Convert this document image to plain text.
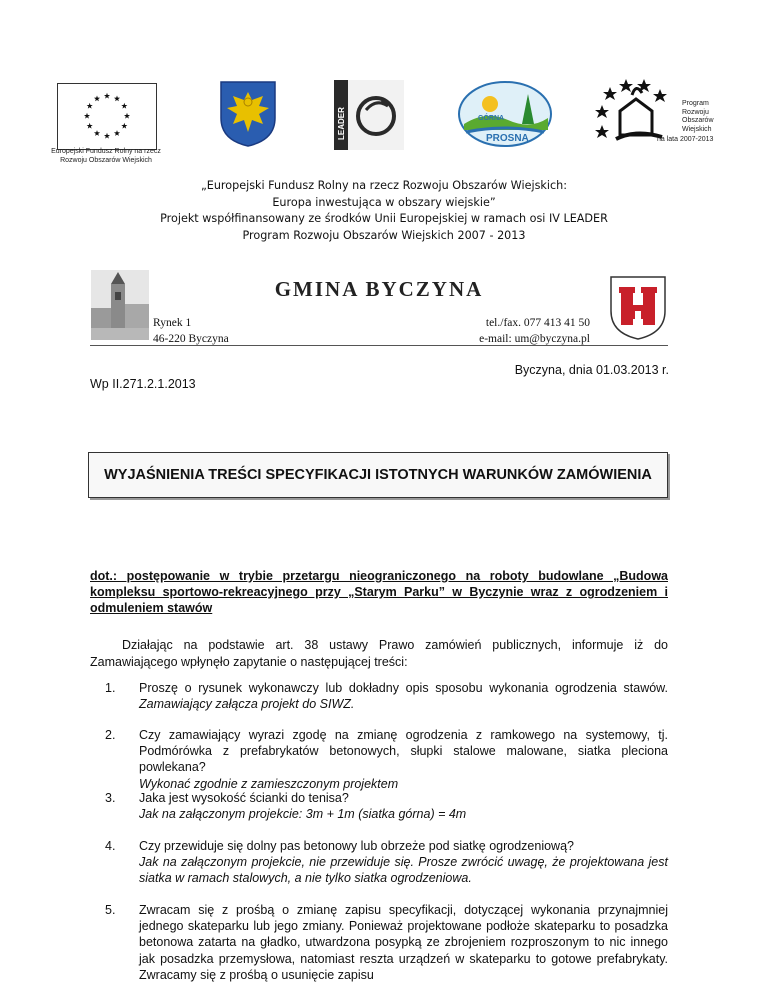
Europejski Fundusz Rolny na rzecz
Rozwoju Obszarów Wiejskich
LEADER	GÓRNA
PROSNA
Program
Rozwoju
Obszarów
Wiejskich
na lata 2007-2013
„Europejski Fundusz Rolny na rzecz Rozwoju Obszarów Wiejskich:
Europa inwestująca w obszary wiejskie”
Projekt współfinansowany ze środków Unii Europejskiej w ramach osi IV LEADER
Program Rozwoju Obszarów Wiejskich 2007 - 2013
GMINA BYCZYNA
Rynek 1
46-220 Byczyna
tel./fax. 077 413 41 50
e-mail: um@byczyna.pl
Byczyna, dnia 01.03.2013 r.
Wp II.271.2.1.2013
WYJAŚNIENIA TREŚCI SPECYFIKACJI ISTOTNYCH WARUNKÓW ZAMÓWIENIA
dot.: postępowanie w trybie przetargu nieograniczonego na roboty budowlane „Budowa kompleksu sportowo-rekreacyjnego przy „Starym Parku” w Byczynie wraz z ogrodzeniem i odmuleniem stawów
Działając na podstawie art. 38 ustawy Prawo zamówień publicznych, informuje iż do Zamawiającego wpłynęło zapytanie o następującej treści:
1. Proszę o rysunek wykonawczy lub dokładny opis sposobu wykonania ogrodzenia stawów.
Zamawiający załącza projekt do SIWZ.
2. Czy zamawiający wyrazi zgodę na zmianę ogrodzenia z ramkowego na systemowy, tj. Podmórówka z prefabrykatów betonowych, słupki stalowe malowane, siatka pleciona powlekana?
Wykonać zgodnie z zamieszczonym projektem
3. Jaka jest wysokość ścianki do tenisa?
Jak na załączonym projekcie: 3m + 1m (siatka górna) = 4m
4. Czy przewiduje się dolny pas betonowy lub obrzeże pod siatkę ogrodzeniową?
Jak na załączonym projekcie, nie przewiduje się. Prosze zwrócić uwagę, że projektowana jest siatka w ramach stalowych, a nie tylko siatka ogrodzeniowa.
5. Zwracam się z prośbą o zmianę zapisu specyfikacji, dotyczącej wykonania przynajmniej jednego skateparku lub jego zmiany. Ponieważ projektowane podłoże skateparku to posadzka betonowa zatarta na gładko, utwardzona posypką ze zbrojeniem rozproszonym to nic innego jak posadzka przemysłowa, natomiast reszta urządzeń w skateparku to gotowe prefabrykaty. Zwracamy się z prośbą o usunięcie zapisu
